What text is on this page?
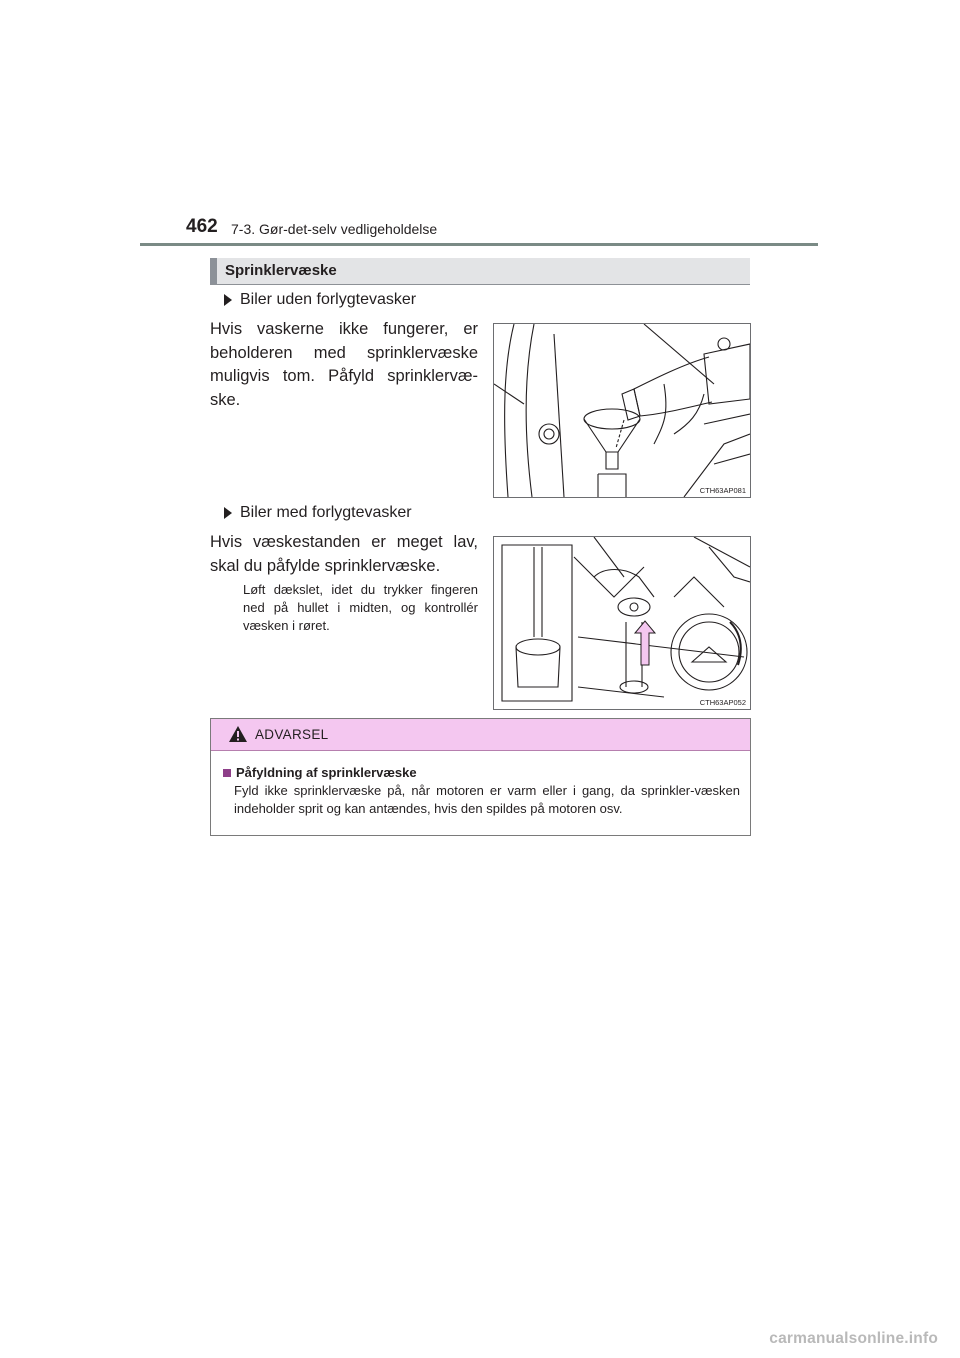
462 7-3. Gør-det-selv vedligeholdelse
Sprinklervæske
Biler uden forlygtevasker
Hvis vaskerne ikke fungerer, er beholderen med sprinklervæske muligvis tom. Påfyld sprinklervæ-ske.
CTH63AP081
Biler med forlygtevasker
Hvis væskestanden er meget lav, skal du påfylde sprinklervæske.
Løft dækslet, idet du trykker fingeren ned på hullet i midten, og kontrollér væsken i røret.
CTH63AP052
ADVARSEL
Påfyldning af sprinklervæske
Fyld ikke sprinklervæske på, når motoren er varm eller i gang, da sprinkler-væsken indeholder sprit og kan antændes, hvis den spildes på motoren osv.
carmanualsonline.info
